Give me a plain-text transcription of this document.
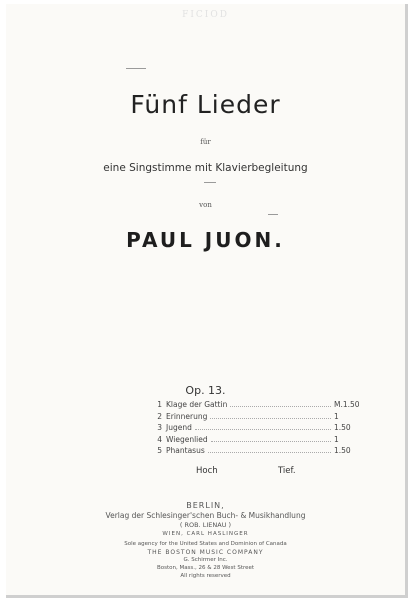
FICIOD
Fünf Lieder
für
eine Singstimme mit Klavierbegleitung
von
PAUL JUON.
Op. 13.
1 Klage der Gattin	M.1.50
2 Erinnerung	1
3 Jugend	1.50
4 Wiegenlied	1
5 Phantasus	1.50
Hoch	Tief.
BERLIN,
Verlag der Schlesinger'schen Buch- & Musikhandlung
( ROB. LIENAU )
WIEN, CARL HASLINGER
Sole agency for the United States and Dominion of Canada
THE BOSTON MUSIC COMPANY
G. Schirmer Inc.
Boston, Mass., 26 & 28 West Street
All rights reserved
